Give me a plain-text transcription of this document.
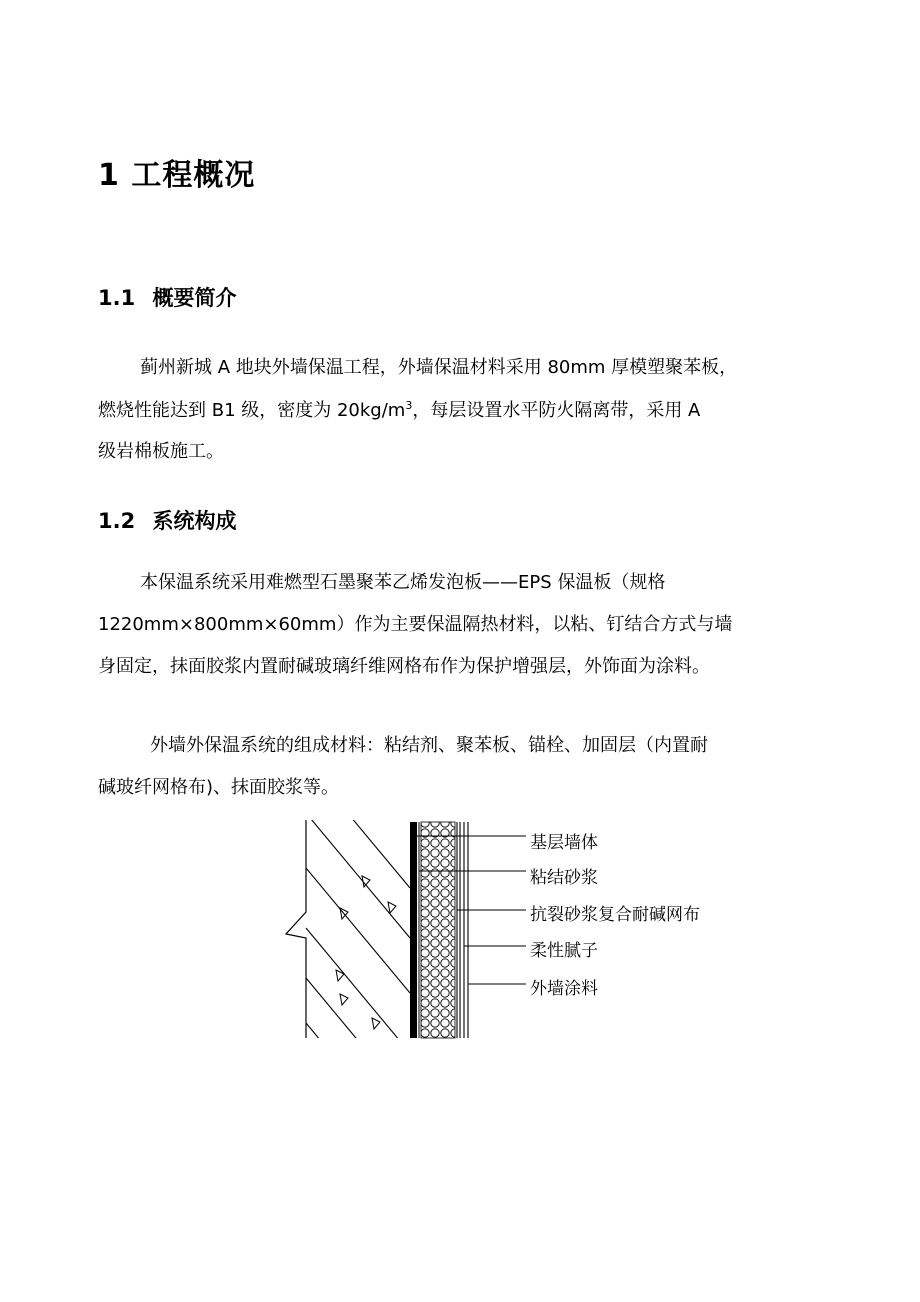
1 工程概况
1.1 概要简介
蓟州新城 A 地块外墙保温工程，外墙保温材料采用 80mm 厚模塑聚苯板，
燃烧性能达到 B1 级，密度为 $20kg/m^3$，每层设置水平防火隔离带，采用 A
级岩棉板施工。
1.2 系统构成
本保温系统采用难燃型石墨聚苯乙烯发泡板——EPS 保温板（规格
1220mm×800mm×60mm）作为主要保温隔热材料，以粘、钉结合方式与墙
身固定，抹面胶浆内置耐碱玻璃纤维网格布作为保护增强层，外饰面为涂料。
外墙外保温系统的组成材料：粘结剂、聚苯板、锚栓、加固层（内置耐
碱玻纤网格布)、抹面胶浆等。
基层墙体
粘结砂浆
抗裂砂浆复合耐碱网布
柔性腻子
外墙涂料
